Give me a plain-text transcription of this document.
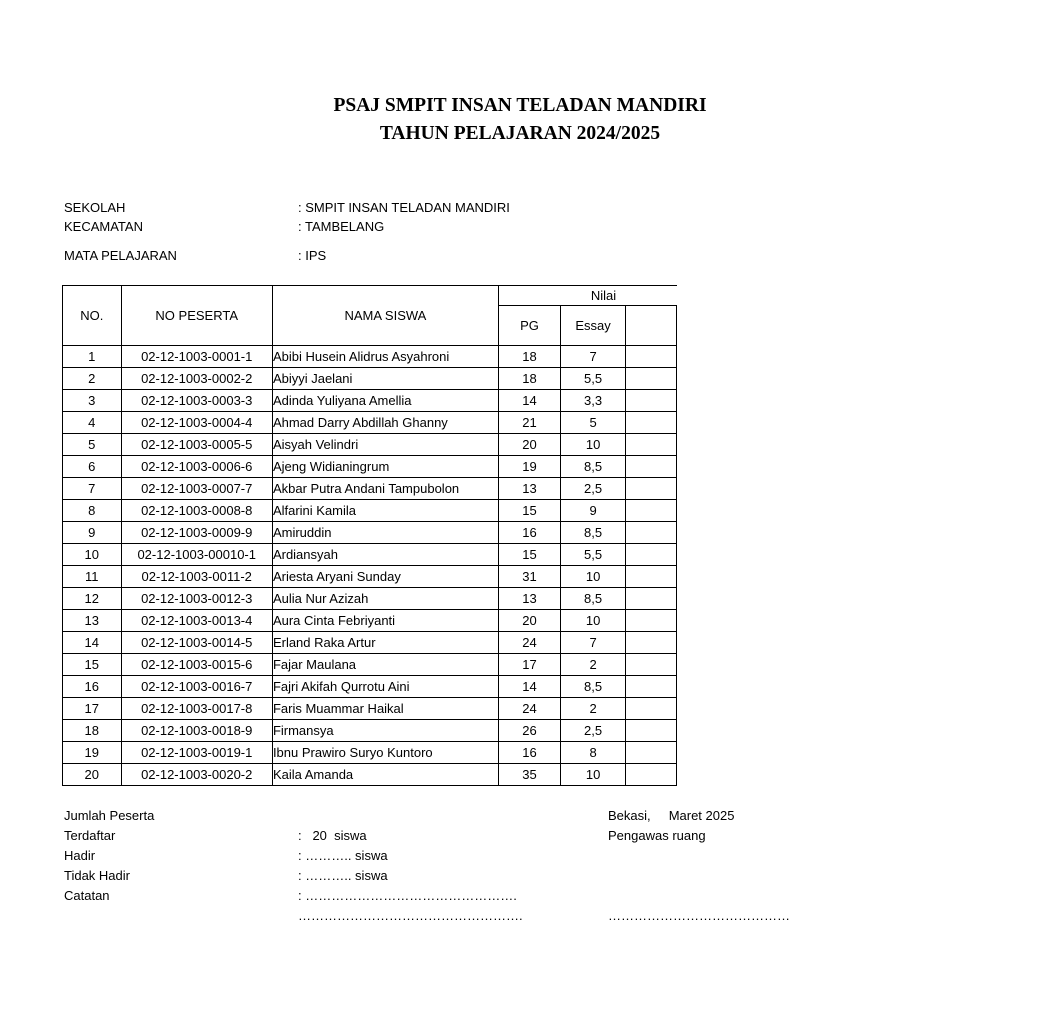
PSAJ SMPIT INSAN TELADAN MANDIRI
TAHUN PELAJARAN 2024/2025
SEKOLAH	: SMPIT INSAN TELADAN MANDIRI
KECAMATAN	: TAMBELANG
MATA PELAJARAN	: IPS
NO.	NO PESERTA	NAMA SISWA	Nilai		
			PG	Essay	
1	02-12-1003-0001-1	Abibi Husein Alidrus Asyahroni	18	7	
2	02-12-1003-0002-2	Abiyyi Jaelani	18	5,5	
3	02-12-1003-0003-3	Adinda Yuliyana Amellia	14	3,3	
4	02-12-1003-0004-4	Ahmad Darry Abdillah Ghanny	21	5	
5	02-12-1003-0005-5	Aisyah Velindri	20	10	
6	02-12-1003-0006-6	Ajeng Widianingrum	19	8,5	
7	02-12-1003-0007-7	Akbar Putra Andani Tampubolon	13	2,5	
8	02-12-1003-0008-8	Alfarini Kamila	15	9	
9	02-12-1003-0009-9	Amiruddin	16	8,5	
10	02-12-1003-00010-1	Ardiansyah	15	5,5	
11	02-12-1003-0011-2	Ariesta Aryani Sunday	31	10	
12	02-12-1003-0012-3	Aulia Nur Azizah	13	8,5	
13	02-12-1003-0013-4	Aura Cinta Febriyanti	20	10	
14	02-12-1003-0014-5	Erland Raka Artur	24	7	
15	02-12-1003-0015-6	Fajar Maulana	17	2	
16	02-12-1003-0016-7	Fajri Akifah Qurrotu Aini	14	8,5	
17	02-12-1003-0017-8	Faris Muammar Haikal	24	2	
18	02-12-1003-0018-9	Firmansya	26	2,5	
19	02-12-1003-0019-1	Ibnu Prawiro Suryo Kuntoro	16	8	
20	02-12-1003-0020-2	Kaila Amanda	35	10	
Jumlah Peserta
Terdaftar	:   20  siswa
Hadir	: ……….. siswa
Tidak Hadir	: ……….. siswa
Catatan	: ………………………………………….
…………………………………………….
Bekasi,     Maret 2025
Pengawas ruang
……………………………………
